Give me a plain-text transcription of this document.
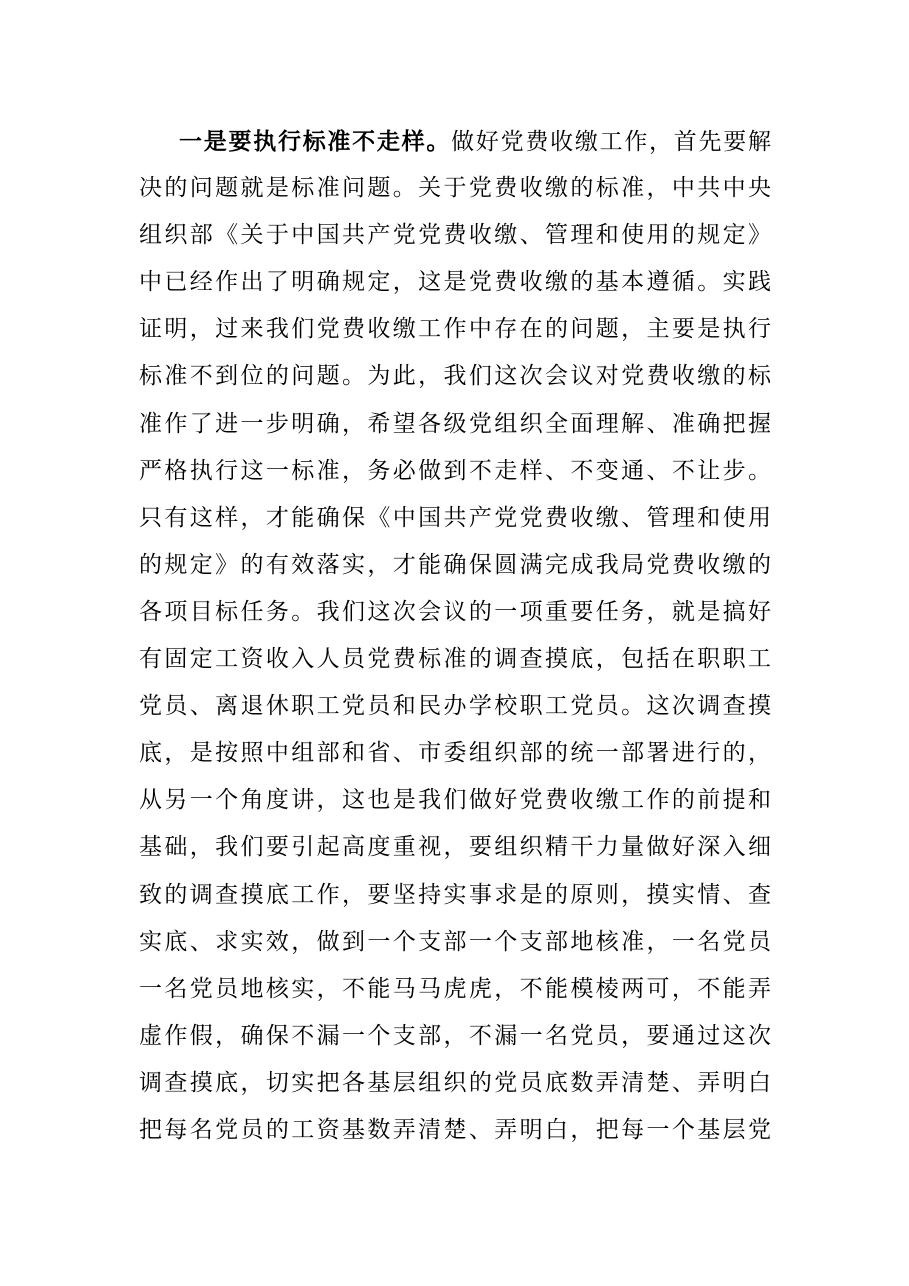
一是要执行标准不走样。做好党费收缴工作，首先要解
决的问题就是标准问题。关于党费收缴的标准，中共中央
组织部《关于中国共产党党费收缴、管理和使用的规定》
中已经作出了明确规定，这是党费收缴的基本遵循。实践
证明，过来我们党费收缴工作中存在的问题，主要是执行
标准不到位的问题。为此，我们这次会议对党费收缴的标
准作了进一步明确，希望各级党组织全面理解、准确把握
严格执行这一标准，务必做到不走样、不变通、不让步。
只有这样，才能确保《中国共产党党费收缴、管理和使用
的规定》的有效落实，才能确保圆满完成我局党费收缴的
各项目标任务。我们这次会议的一项重要任务，就是搞好
有固定工资收入人员党费标准的调查摸底，包括在职职工
党员、离退休职工党员和民办学校职工党员。这次调查摸
底，是按照中组部和省、市委组织部的统一部署进行的，
从另一个角度讲，这也是我们做好党费收缴工作的前提和
基础，我们要引起高度重视，要组织精干力量做好深入细
致的调查摸底工作，要坚持实事求是的原则，摸实情、查
实底、求实效，做到一个支部一个支部地核准，一名党员
一名党员地核实，不能马马虎虎，不能模棱两可，不能弄
虚作假，确保不漏一个支部，不漏一名党员，要通过这次
调查摸底，切实把各基层组织的党员底数弄清楚、弄明白
把每名党员的工资基数弄清楚、弄明白，把每一个基层党
